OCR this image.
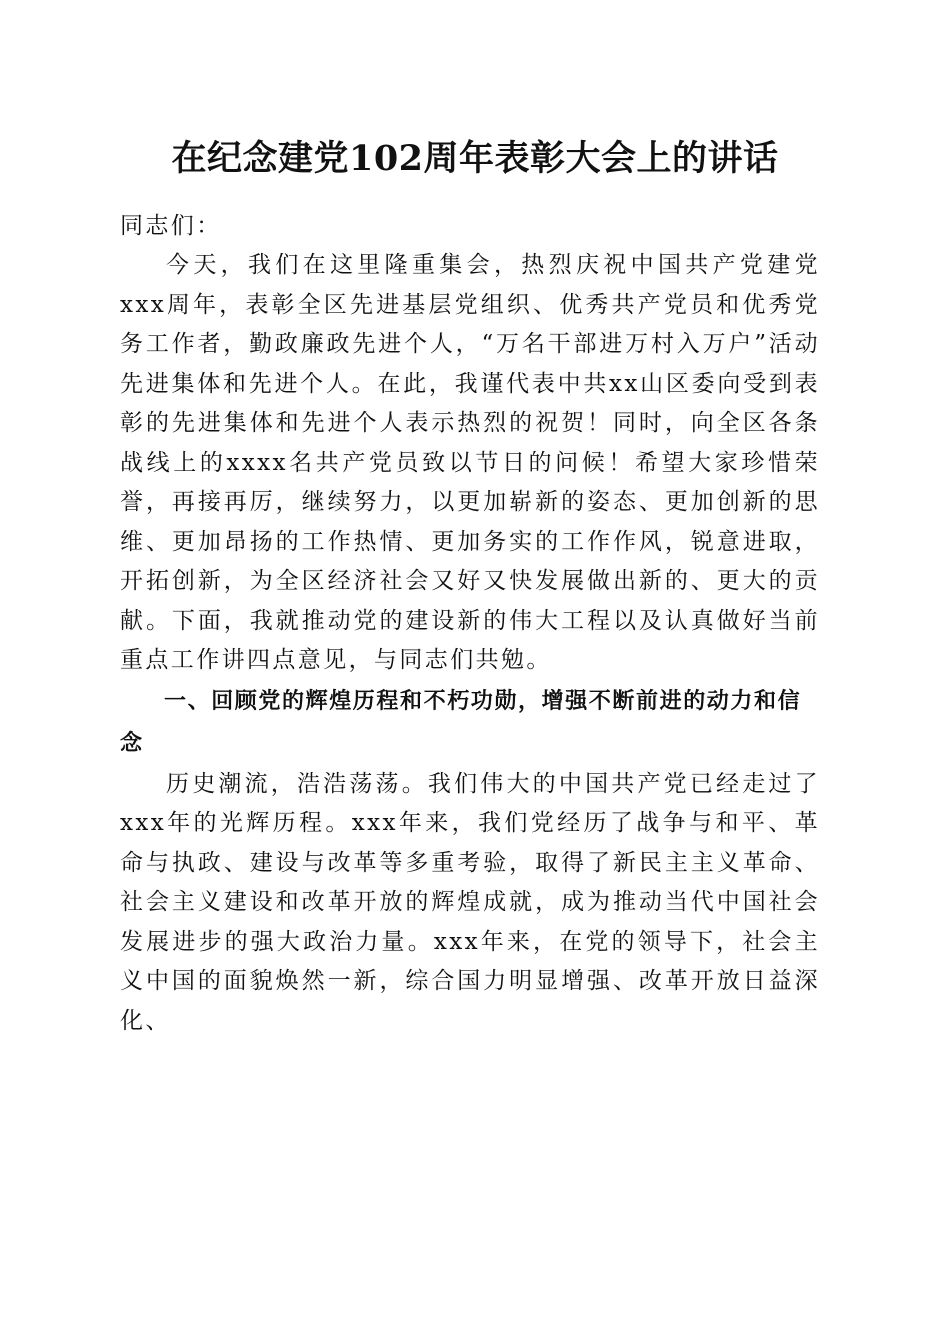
在纪念建党102周年表彰大会上的讲话

同志们：

今天，我们在这里隆重集会，热烈庆祝中国共产党建党xxx周年，表彰全区先进基层党组织、优秀共产党员和优秀党务工作者，勤政廉政先进个人，“万名干部进万村入万户”活动先进集体和先进个人。在此，我谨代表中共xx山区委向受到表彰的先进集体和先进个人表示热烈的祝贺！同时，向全区各条战线上的xxxx名共产党员致以节日的问候！希望大家珍惜荣誉，再接再厉，继续努力，以更加崭新的姿态、更加创新的思维、更加昂扬的工作热情、更加务实的工作作风，锐意进取，开拓创新，为全区经济社会又好又快发展做出新的、更大的贡献。下面，我就推动党的建设新的伟大工程以及认真做好当前重点工作讲四点意见，与同志们共勉。

一、回顾党的辉煌历程和不朽功勋，增强不断前进的动力和信念

历史潮流，浩浩荡荡。我们伟大的中国共产党已经走过了xxx年的光辉历程。xxx年来，我们党经历了战争与和平、革命与执政、建设与改革等多重考验，取得了新民主主义革命、社会主义建设和改革开放的辉煌成就，成为推动当代中国社会发展进步的强大政治力量。xxx年来，在党的领导下，社会主义中国的面貌焕然一新，综合国力明显增强、改革开放日益深化、
